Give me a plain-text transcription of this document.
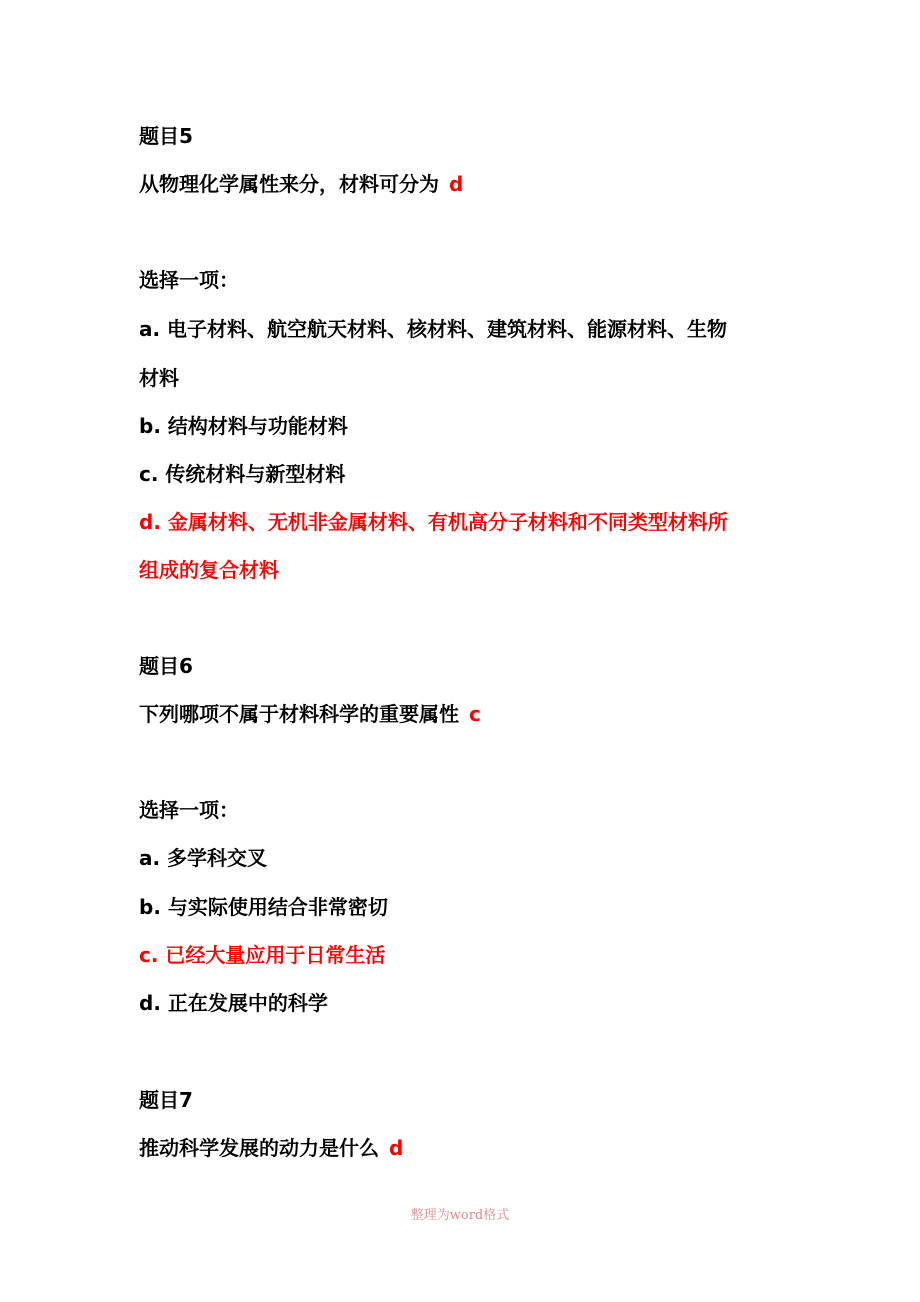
题目5
从物理化学属性来分，材料可分为 d
选择一项：
a. 电子材料、航空航天材料、核材料、建筑材料、能源材料、生物
材料
b. 结构材料与功能材料
c. 传统材料与新型材料
d. 金属材料、无机非金属材料、有机高分子材料和不同类型材料所
组成的复合材料
题目6
下列哪项不属于材料科学的重要属性 c
选择一项：
a. 多学科交叉
b. 与实际使用结合非常密切
c. 已经大量应用于日常生活
d. 正在发展中的科学
题目7
推动科学发展的动力是什么 d
整理为word格式
